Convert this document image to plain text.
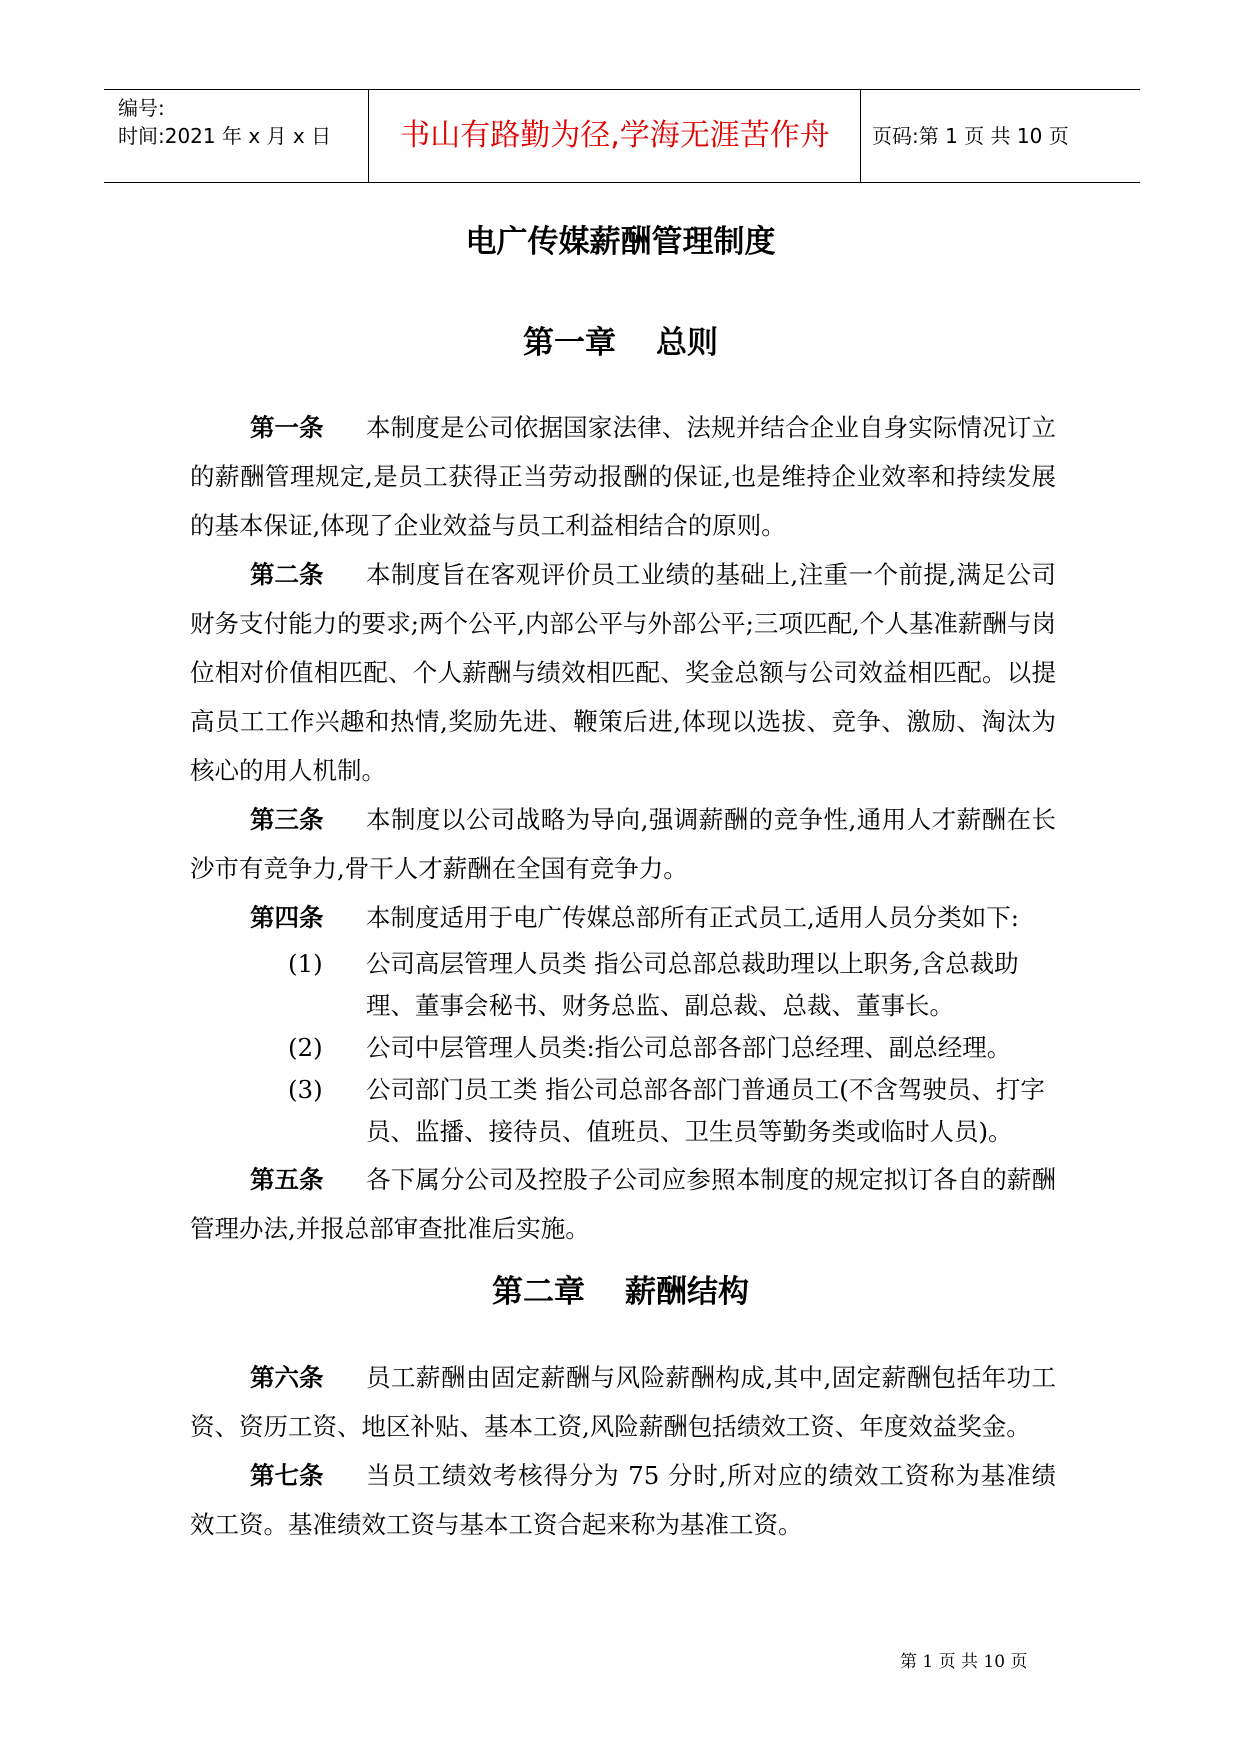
编号:
时间:2021 年 x 月 x 日	书山有路勤为径,学海无涯苦作舟	页码:第 1 页 共 10 页
电广传媒薪酬管理制度
第一章 总则
第一条	本制度是公司依据国家法律、法规并结合企业自身实际情况订立的薪酬管理规定,是员工获得正当劳动报酬的保证,也是维持企业效率和持续发展的基本保证,体现了企业效益与员工利益相结合的原则。
第二条	本制度旨在客观评价员工业绩的基础上,注重一个前提,满足公司财务支付能力的要求;两个公平,内部公平与外部公平;三项匹配,个人基准薪酬与岗位相对价值相匹配、个人薪酬与绩效相匹配、奖金总额与公司效益相匹配。以提高员工工作兴趣和热情,奖励先进、鞭策后进,体现以选拔、竞争、激励、淘汰为核心的用人机制。
第三条	本制度以公司战略为导向,强调薪酬的竞争性,通用人才薪酬在长沙市有竞争力,骨干人才薪酬在全国有竞争力。
第四条	本制度适用于电广传媒总部所有正式员工,适用人员分类如下:
(1)	公司高层管理人员类 指公司总部总裁助理以上职务,含总裁助理、董事会秘书、财务总监、副总裁、总裁、董事长。
(2)	公司中层管理人员类:指公司总部各部门总经理、副总经理。
(3)	公司部门员工类 指公司总部各部门普通员工(不含驾驶员、打字员、监播、接待员、值班员、卫生员等勤务类或临时人员)。
第五条	各下属分公司及控股子公司应参照本制度的规定拟订各自的薪酬管理办法,并报总部审查批准后实施。
第二章 薪酬结构
第六条	员工薪酬由固定薪酬与风险薪酬构成,其中,固定薪酬包括年功工资、资历工资、地区补贴、基本工资,风险薪酬包括绩效工资、年度效益奖金。
第七条	当员工绩效考核得分为 75 分时,所对应的绩效工资称为基准绩效工资。基准绩效工资与基本工资合起来称为基准工资。
第 1 页 共 10 页
